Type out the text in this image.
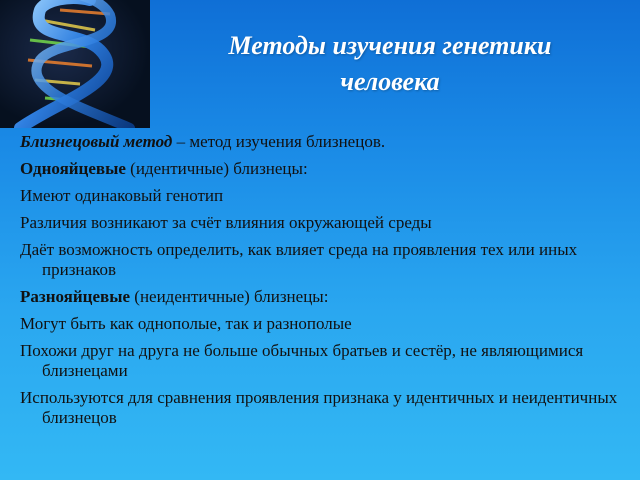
Методы изучения генетики
человека

Близнецовый метод – метод изучения близнецов.

Однояйцевые (идентичные) близнецы:

Имеют одинаковый генотип

Различия возникают за счёт влияния окружающей среды

Даёт возможность определить, как влияет среда на проявления тех или иных признаков

Разнояйцевые (неидентичные) близнецы:

Могут быть как однополые, так и разнополые

Похожи друг на друга не больше обычных братьев и сестёр, не являющимися близнецами

Используются для сравнения проявления признака у идентичных и неидентичных близнецов
